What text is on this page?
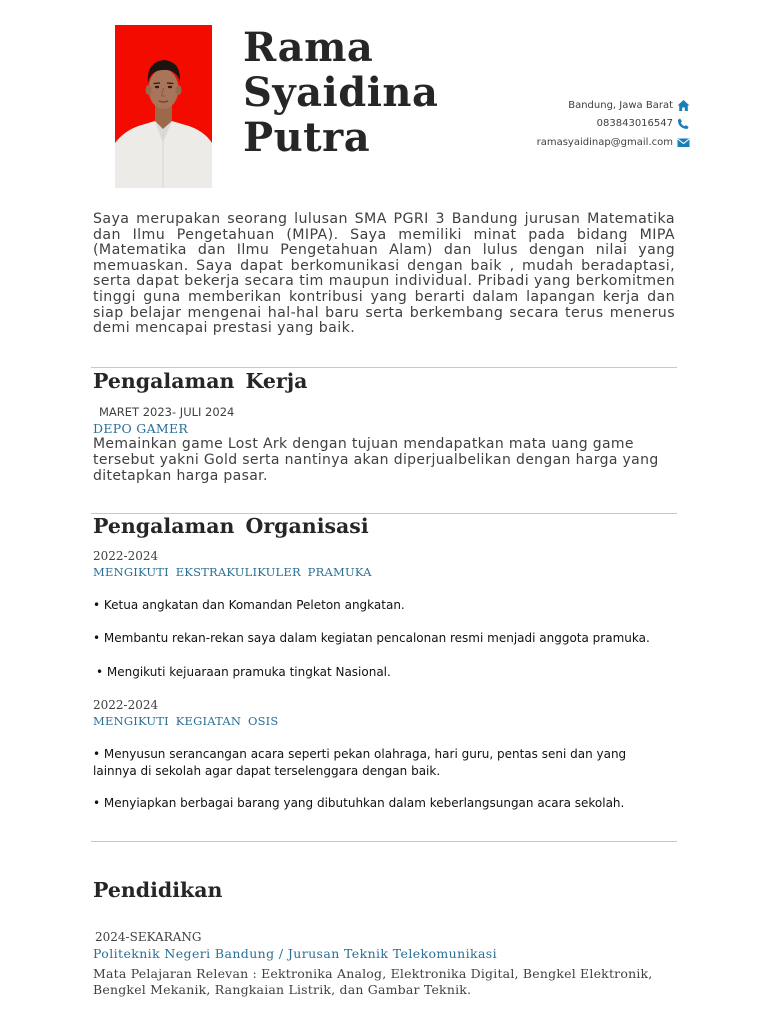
Rama
Syaidina
Putra
Bandung, Jawa Barat
083843016547
ramasyaidinap@gmail.com

Saya merupakan seorang lulusan SMA PGRI 3 Bandung jurusan Matematika dan Ilmu Pengetahuan (MIPA). Saya memiliki minat pada bidang MIPA (Matematika dan Ilmu Pengetahuan Alam) dan lulus dengan nilai yang memuaskan. Saya dapat berkomunikasi dengan baik , mudah beradaptasi, serta dapat bekerja secara tim maupun individual. Pribadi yang berkomitmen tinggi guna memberikan kontribusi yang berarti dalam lapangan kerja dan siap belajar mengenai hal-hal baru serta berkembang secara terus menerus demi mencapai prestasi yang baik.

Pengalaman Kerja
MARET 2023- JULI 2024
DEPO GAMER

Memainkan game Lost Ark dengan tujuan mendapatkan mata uang game tersebut yakni Gold serta nantinya akan diperjualbelikan dengan harga yang ditetapkan harga pasar.

Pengalaman Organisasi
2022-2024
MENGIKUTI EKSTRAKULIKULER PRAMUKA

• Ketua angkatan dan Komandan Peleton angkatan.

• Membantu rekan-rekan saya dalam kegiatan pencalonan resmi menjadi anggota pramuka.

• Mengikuti kejuaraan pramuka tingkat Nasional.

2022-2024
MENGIKUTI KEGIATAN OSIS

• Menyusun serancangan acara seperti pekan olahraga, hari guru, pentas seni dan yang lainnya di sekolah agar dapat terselenggara dengan baik.

• Menyiapkan berbagai barang yang dibutuhkan dalam keberlangsungan acara sekolah.

Pendidikan
2024-SEKARANG
Politeknik Negeri Bandung / Jurusan Teknik Telekomunikasi

Mata Pelajaran Relevan : Eektronika Analog, Elektronika Digital, Bengkel Elektronik, Bengkel Mekanik, Rangkaian Listrik, dan Gambar Teknik.
